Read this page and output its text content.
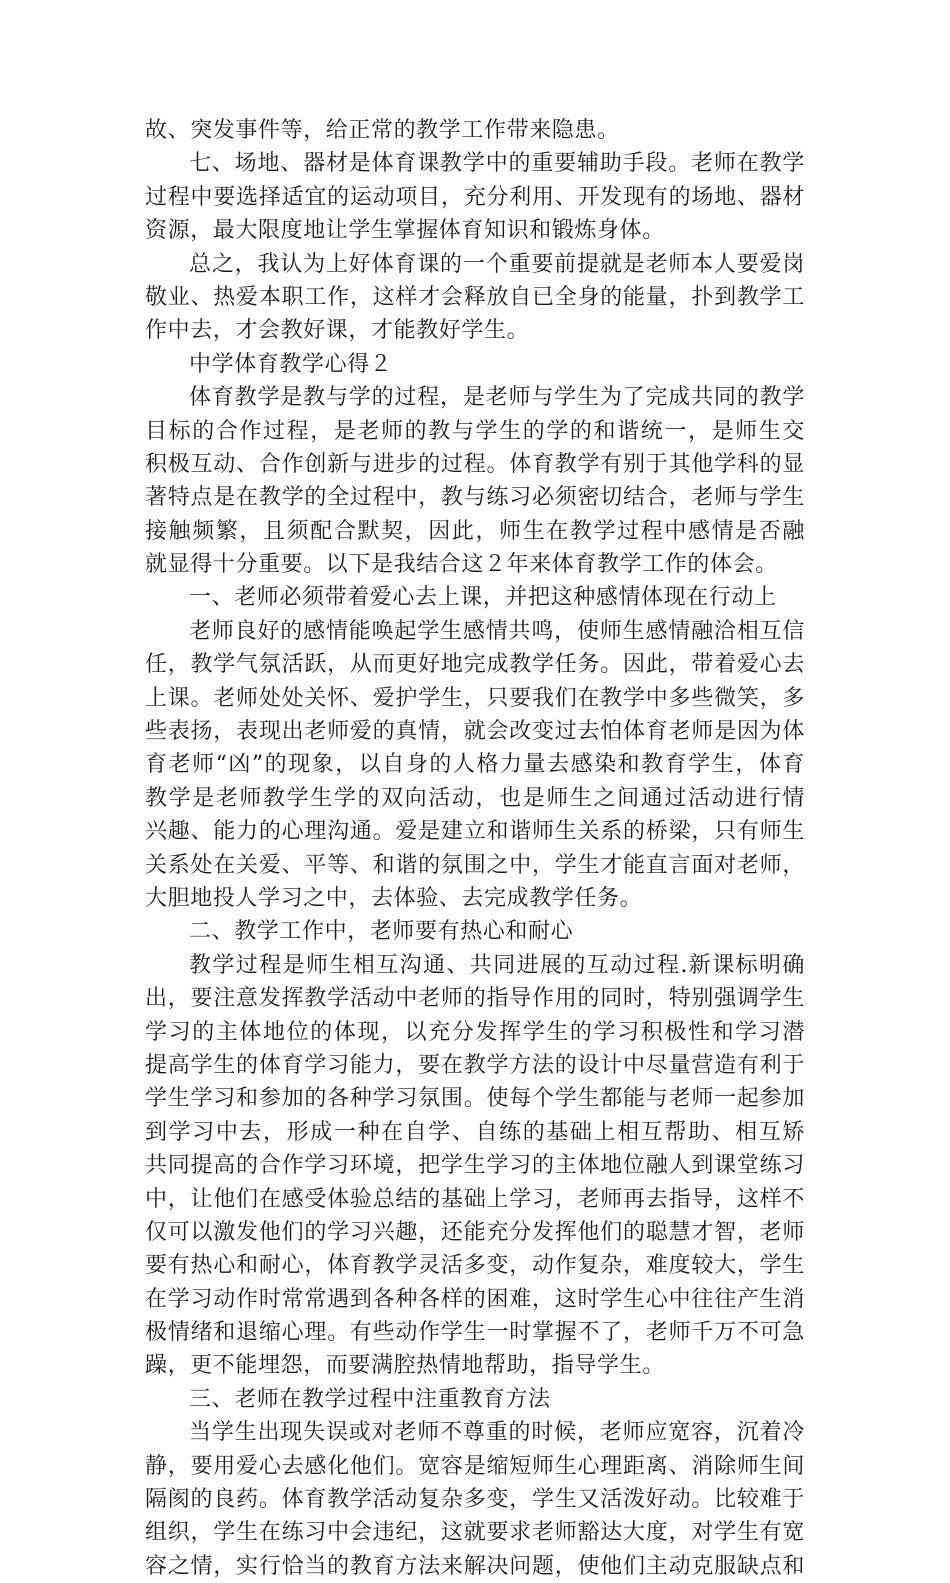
故、突发事件等，给正常的教学工作带来隐患。
七、场地、器材是体育课教学中的重要辅助手段。老师在教学
过程中要选择适宜的运动项目，充分利用、开发现有的场地、器材
资源，最大限度地让学生掌握体育知识和锻炼身体。
总之，我认为上好体育课的一个重要前提就是老师本人要爱岗
敬业、热爱本职工作，这样才会释放自已全身的能量，扑到教学工
作中去，才会教好课，才能教好学生。
中学体育教学心得２
体育教学是教与学的过程，是老师与学生为了完成共同的教学
目标的合作过程，是老师的教与学生的学的和谐统一，是师生交
积极互动、合作创新与进步的过程。体育教学有别于其他学科的显
著特点是在教学的全过程中，教与练习必须密切结合，老师与学生
接触频繁，且须配合默契，因此，师生在教学过程中感情是否融
就显得十分重要。以下是我结合这２年来体育教学工作的体会。
一、老师必须带着爱心去上课，并把这种感情体现在行动上
老师良好的感情能唤起学生感情共鸣，使师生感情融洽相互信
任，教学气氛活跃，从而更好地完成教学任务。因此，带着爱心去
上课。老师处处关怀、爱护学生，只要我们在教学中多些微笑，多
些表扬，表现出老师爱的真情，就会改变过去怕体育老师是因为体
育老师“凶”的现象，以自身的人格力量去感染和教育学生，体育
教学是老师教学生学的双向活动，也是师生之间通过活动进行情
兴趣、能力的心理沟通。爱是建立和谐师生关系的桥梁，只有师生
关系处在关爱、平等、和谐的氛围之中，学生才能直言面对老师，
大胆地投人学习之中，去体验、去完成教学任务。
二、教学工作中，老师要有热心和耐心
教学过程是师生相互沟通、共同进展的互动过程.新课标明确
出，要注意发挥教学活动中老师的指导作用的同时，特别强调学生
学习的主体地位的体现，以充分发挥学生的学习积极性和学习潜
提高学生的体育学习能力，要在教学方法的设计中尽量营造有利于
学生学习和参加的各种学习氛围。使每个学生都能与老师一起参加
到学习中去，形成一种在自学、自练的基础上相互帮助、相互矫
共同提高的合作学习环境，把学生学习的主体地位融人到课堂练习
中，让他们在感受体验总结的基础上学习，老师再去指导，这样不
仅可以激发他们的学习兴趣，还能充分发挥他们的聪慧才智，老师
要有热心和耐心，体育教学灵活多变，动作复杂，难度较大，学生
在学习动作时常常遇到各种各样的困难，这时学生心中往往产生消
极情绪和退缩心理。有些动作学生一时掌握不了，老师千万不可急
躁，更不能埋怨，而要满腔热情地帮助，指导学生。
三、老师在教学过程中注重教育方法
当学生出现失误或对老师不尊重的时候，老师应宽容，沉着冷
静，要用爱心去感化他们。宽容是缩短师生心理距离、消除师生间
隔阂的良药。体育教学活动复杂多变，学生又活泼好动。比较难于
组织，学生在练习中会违纪，这就要求老师豁达大度，对学生有宽
容之情，实行恰当的教育方法来解决问题，使他们主动克服缺点和
